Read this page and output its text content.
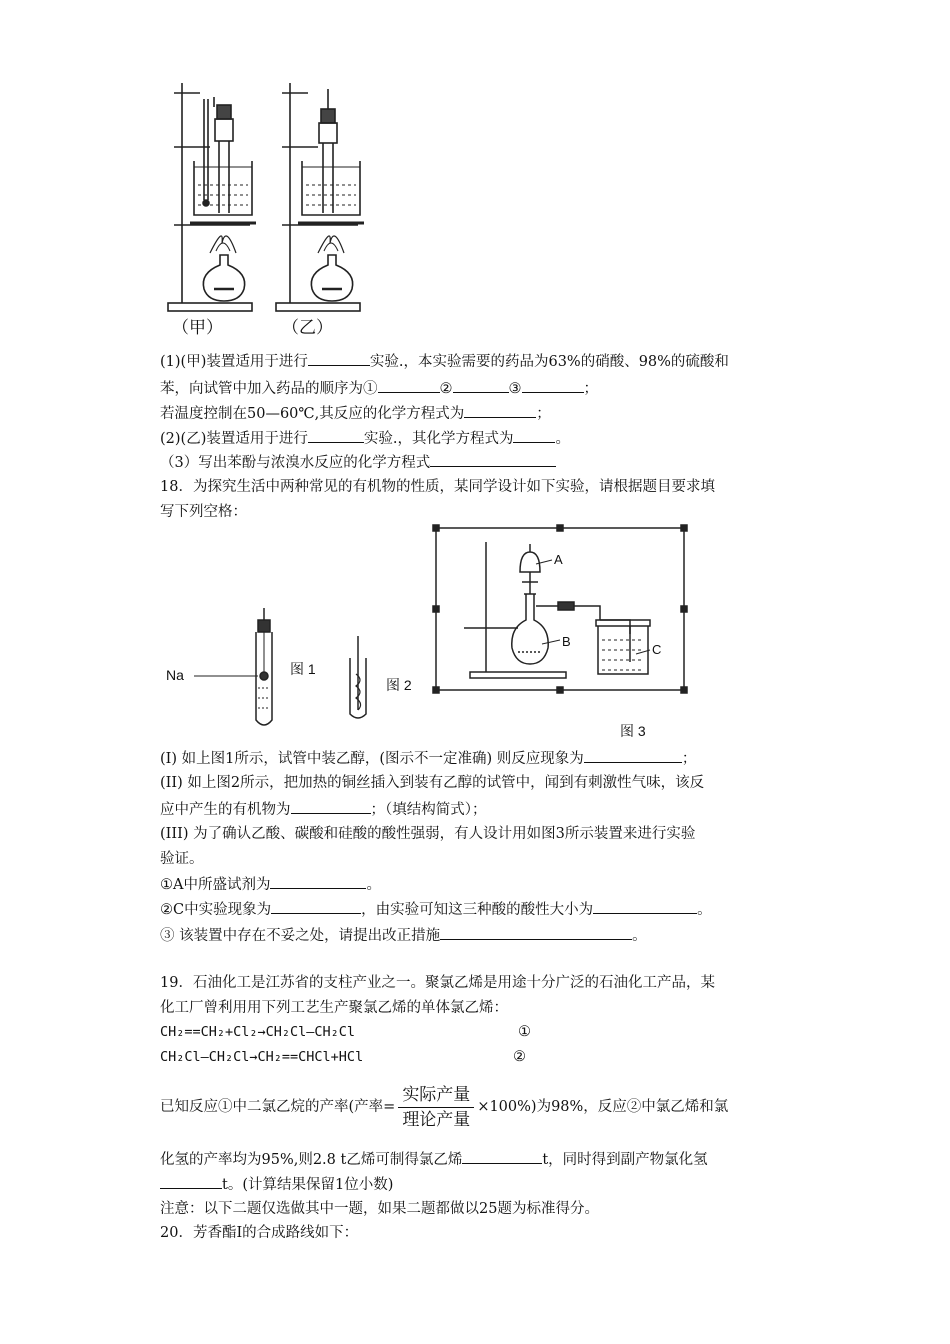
（甲）	（乙）
(1)(甲)装置适用于进行	实验.，本实验需要的药品为63%的硝酸、98%的硫酸和
苯，向试管中加入药品的顺序为①	②	③	；
若温度控制在50—60℃,其反应的化学方程式为	；
(2)(乙)装置适用于进行	实验.，其化学方程式为	。
（3）写出苯酚与浓溴水反应的化学方程式
18．为探究生活中两种常见的有机物的性质，某同学设计如下实验，请根据题目要求填
写下列空格：
Na	图 1
图 2
A
B
C
图 3
(I) 如上图1所示，试管中装乙醇，(图示不一定准确) 则反应现象为	；
(II) 如上图2所示，把加热的铜丝插入到装有乙醇的试管中，闻到有刺激性气味，该反
应中产生的有机物为	；（填结构简式）；
(III) 为了确认乙酸、碳酸和硅酸的酸性强弱，有人设计用如图3所示装置来进行实验
验证。
①A中所盛试剂为	。
②C中实验现象为	，由实验可知这三种酸的酸性大小为	。
③ 该装置中存在不妥之处，请提出改正措施	。
19．石油化工是江苏省的支柱产业之一。聚氯乙烯是用途十分广泛的石油化工产品，某
化工厂曾利用用下列工艺生产聚氯乙烯的单体氯乙烯：
CH₂==CH₂+Cl₂→CH₂Cl—CH₂Cl	①
CH₂Cl—CH₂Cl→CH₂==CHCl+HCl	②
已知反应①中二氯乙烷的产率(产率= $\frac{\text{实际产量}}{\text{理论产量}} \times 100\%$)为98%，反应②中氯乙烯和氯
化氢的产率均为95%,则2.8 t乙烯可制得氯乙烯	t，同时得到副产物氯化氢
t。(计算结果保留1位小数)
注意：以下二题仅选做其中一题，如果二题都做以25题为标准得分。
20．芳香酯I的合成路线如下：
